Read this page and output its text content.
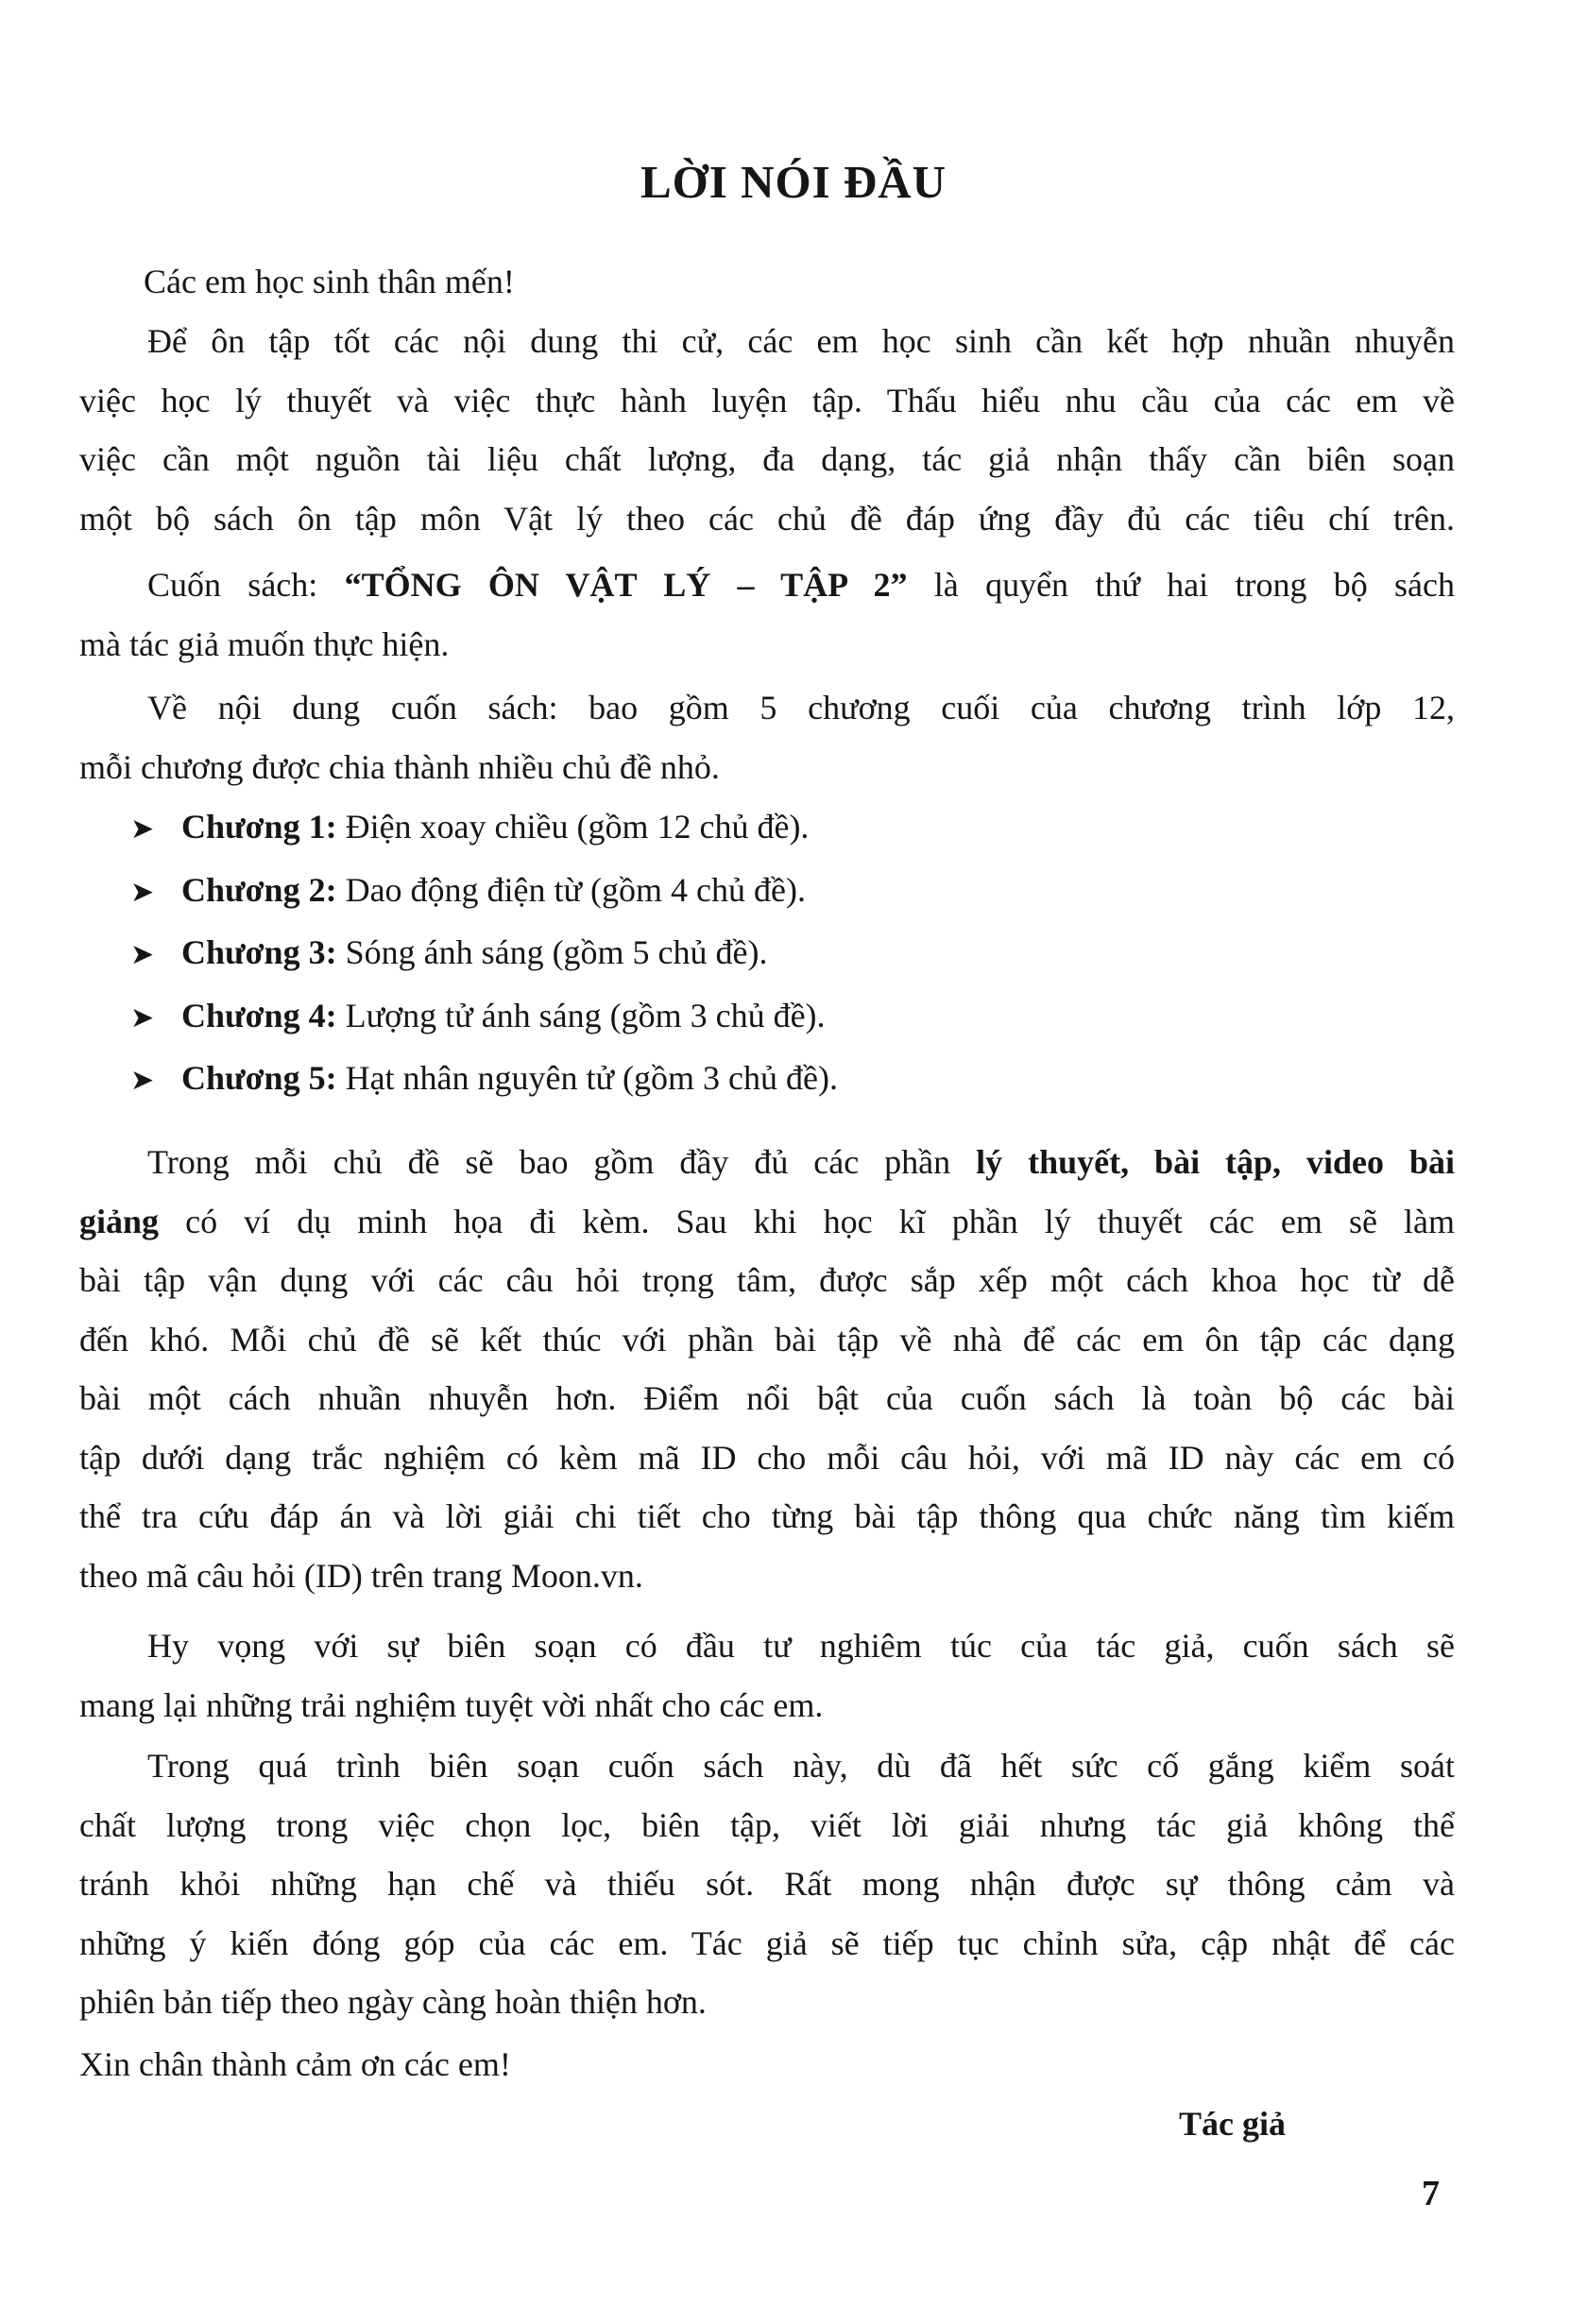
LỜI NÓI ĐẦU
Các em học sinh thân mến!
Để ôn tập tốt các nội dung thi cử, các em học sinh cần kết hợp nhuần nhuyễn
việc học lý thuyết và việc thực hành luyện tập. Thấu hiểu nhu cầu của các em về
việc cần một nguồn tài liệu chất lượng, đa dạng, tác giả nhận thấy cần biên soạn
một bộ sách ôn tập môn Vật lý theo các chủ đề đáp ứng đầy đủ các tiêu chí trên.
Cuốn sách: “TỔNG ÔN VẬT LÝ – TẬP 2” là quyển thứ hai trong bộ sách
mà tác giả muốn thực hiện.
Về nội dung cuốn sách: bao gồm 5 chương cuối của chương trình lớp 12,
mỗi chương được chia thành nhiều chủ đề nhỏ.
➤ Chương 1: Điện xoay chiều (gồm 12 chủ đề).
➤ Chương 2: Dao động điện từ (gồm 4 chủ đề).
➤ Chương 3: Sóng ánh sáng (gồm 5 chủ đề).
➤ Chương 4: Lượng tử ánh sáng (gồm 3 chủ đề).
➤ Chương 5: Hạt nhân nguyên tử (gồm 3 chủ đề).
Trong mỗi chủ đề sẽ bao gồm đầy đủ các phần lý thuyết, bài tập, video bài
giảng có ví dụ minh họa đi kèm. Sau khi học kĩ phần lý thuyết các em sẽ làm
bài tập vận dụng với các câu hỏi trọng tâm, được sắp xếp một cách khoa học từ dễ
đến khó. Mỗi chủ đề sẽ kết thúc với phần bài tập về nhà để các em ôn tập các dạng
bài một cách nhuần nhuyễn hơn. Điểm nổi bật của cuốn sách là toàn bộ các bài
tập dưới dạng trắc nghiệm có kèm mã ID cho mỗi câu hỏi, với mã ID này các em có
thể tra cứu đáp án và lời giải chi tiết cho từng bài tập thông qua chức năng tìm kiếm
theo mã câu hỏi (ID) trên trang Moon.vn.
Hy vọng với sự biên soạn có đầu tư nghiêm túc của tác giả, cuốn sách sẽ
mang lại những trải nghiệm tuyệt vời nhất cho các em.
Trong quá trình biên soạn cuốn sách này, dù đã hết sức cố gắng kiểm soát
chất lượng trong việc chọn lọc, biên tập, viết lời giải nhưng tác giả không thể
tránh khỏi những hạn chế và thiếu sót. Rất mong nhận được sự thông cảm và
những ý kiến đóng góp của các em. Tác giả sẽ tiếp tục chỉnh sửa, cập nhật để các
phiên bản tiếp theo ngày càng hoàn thiện hơn.
Xin chân thành cảm ơn các em!
Tác giả
7
